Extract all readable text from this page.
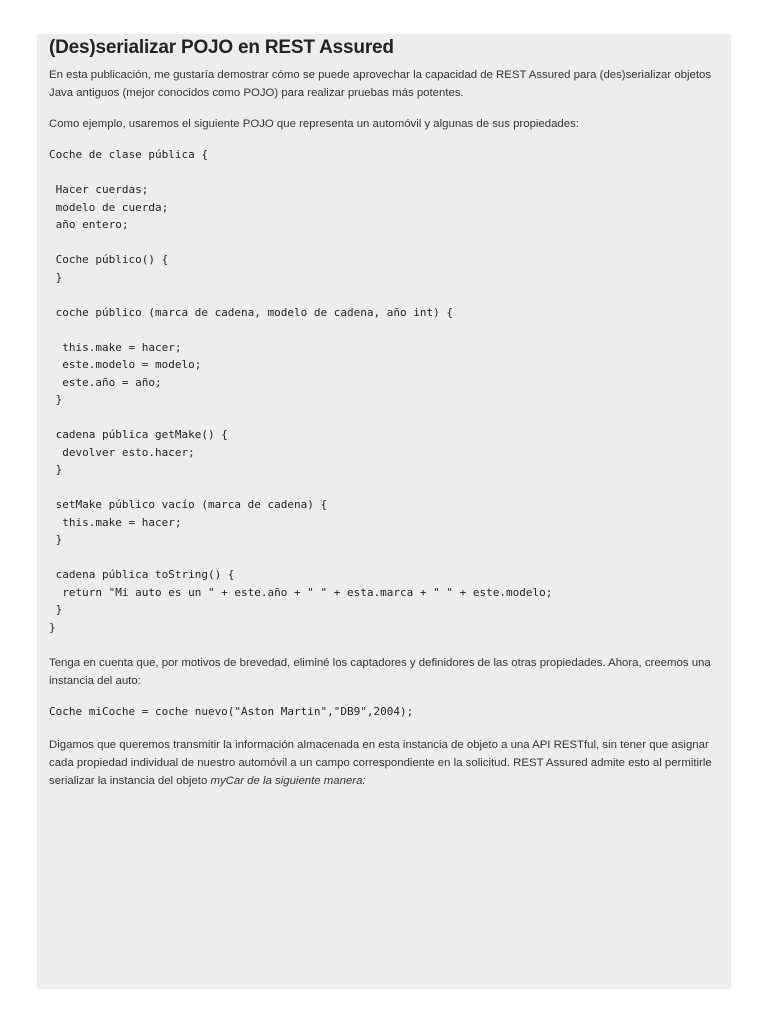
(Des)serializar POJO en REST Assured

En esta publicación, me gustaría demostrar cómo se puede aprovechar la capacidad de REST Assured para (des)serializar objetos Java antiguos (mejor conocidos como POJO) para realizar pruebas más potentes.

Como ejemplo, usaremos el siguiente POJO que representa un automóvil y algunas de sus propiedades:

Coche de clase pública {

Hacer cuerdas;
modelo de cuerda;
año entero;

Coche público() {
}

coche público (marca de cadena, modelo de cadena, año int) {

this.make = hacer;
este.modelo = modelo;
este.año = año;
}

cadena pública getMake() {
devolver esto.hacer;
}

setMake público vacío (marca de cadena) {
this.make = hacer;
}

cadena pública toString() {
return "Mi auto es un " + este.año + " " + esta.marca + " " + este.modelo;
}
}

Tenga en cuenta que, por motivos de brevedad, eliminé los captadores y definidores de las otras propiedades. Ahora, creemos una instancia del auto:

Coche miCoche = coche nuevo("Aston Martin","DB9",2004);

Digamos que queremos transmitir la información almacenada en esta instancia de objeto a una API RESTful, sin tener que asignar cada propiedad individual de nuestro automóvil a un campo correspondiente en la solicitud. REST Assured admite esto al permitirle serializar la instancia del objeto myCar de la siguiente manera:
